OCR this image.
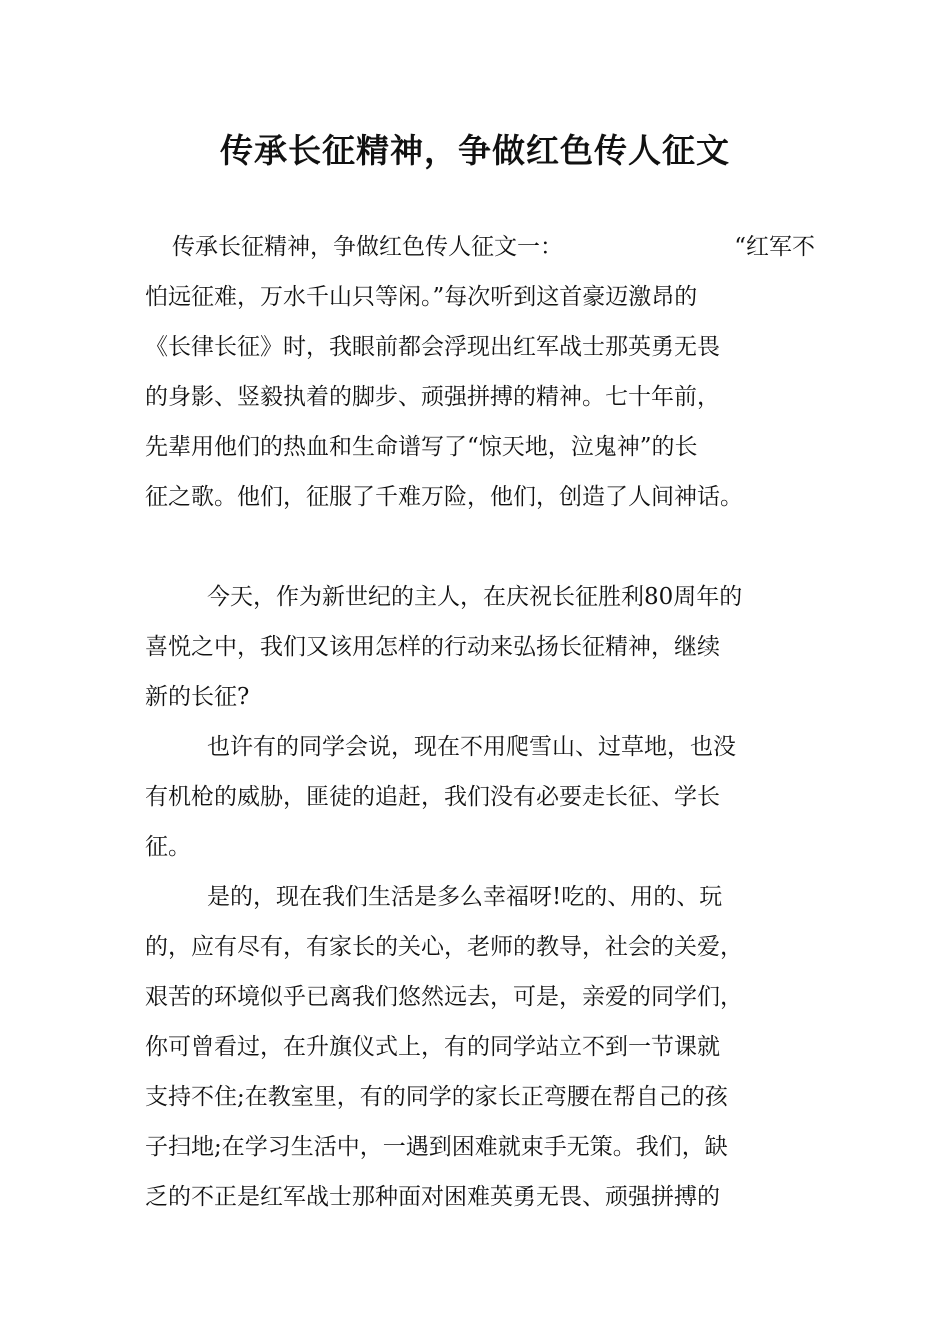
传承长征精神，争做红色传人征文
传承长征精神，争做红色传人征文一：	“红军不
怕远征难，万水千山只等闲。”每次听到这首豪迈激昂的
《长律长征》时，我眼前都会浮现出红军战士那英勇无畏
的身影、竖毅执着的脚步、顽强拼搏的精神。七十年前，
先辈用他们的热血和生命谱写了“惊天地，泣鬼神”的长
征之歌。他们，征服了千难万险，他们，创造了人间神话。
今天，作为新世纪的主人，在庆祝长征胜利80周年的
喜悦之中，我们又该用怎样的行动来弘扬长征精神，继续
新的长征?
也许有的同学会说，现在不用爬雪山、过草地，也没
有机枪的威胁，匪徒的追赶，我们没有必要走长征、学长
征。
是的，现在我们生活是多么幸福呀!吃的、用的、玩
的，应有尽有，有家长的关心，老师的教导，社会的关爱，
艰苦的环境似乎已离我们悠然远去，可是，亲爱的同学们，
你可曾看过，在升旗仪式上，有的同学站立不到一节课就
支持不住;在教室里，有的同学的家长正弯腰在帮自己的孩
子扫地;在学习生活中，一遇到困难就束手无策。我们，缺
乏的不正是红军战士那种面对困难英勇无畏、顽强拼搏的
